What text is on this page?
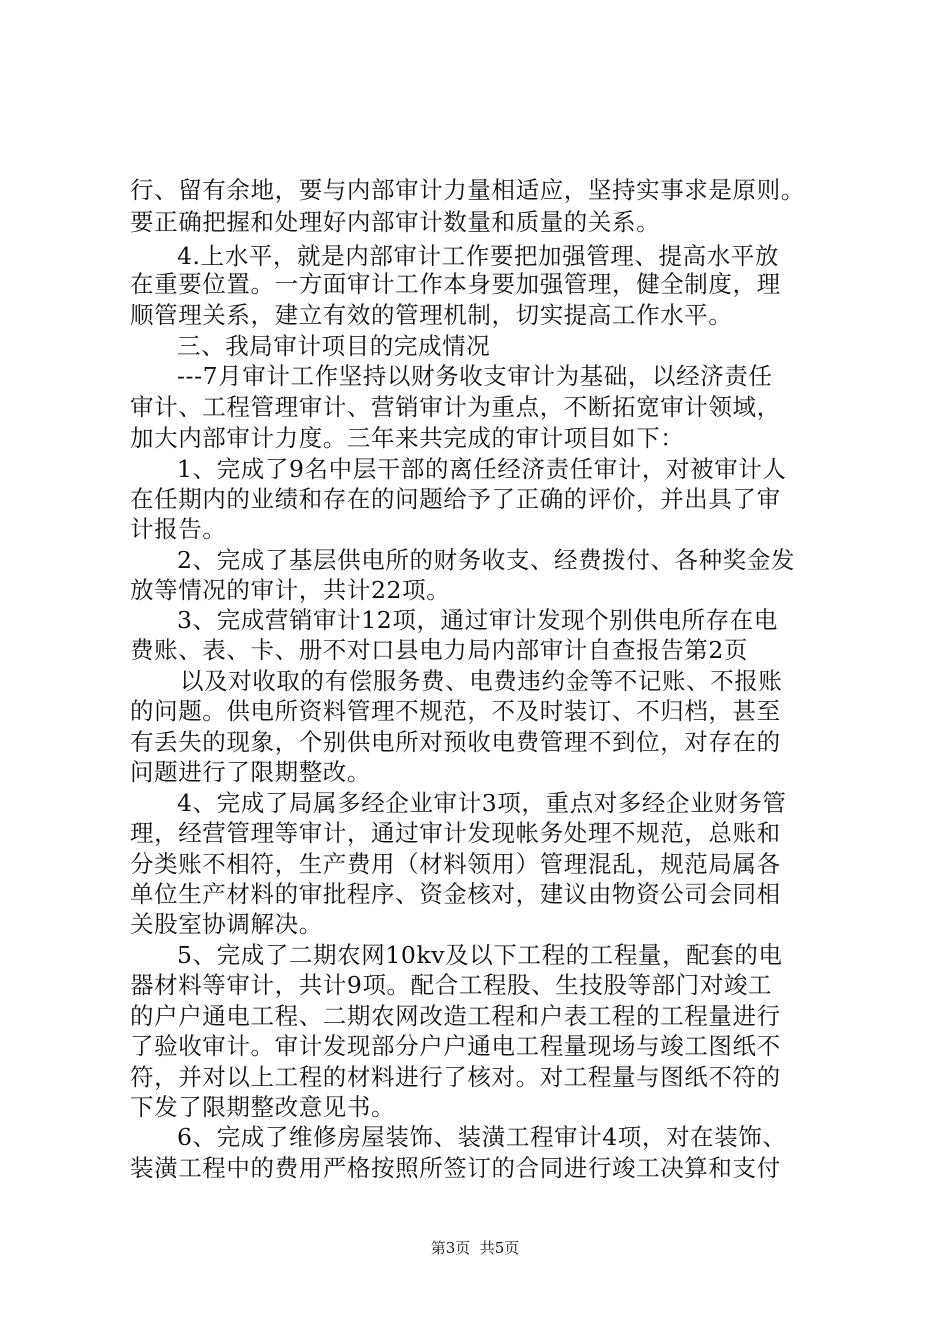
行、留有余地，要与内部审计力量相适应，坚持实事求是原则。
要正确把握和处理好内部审计数量和质量的关系。
4.上水平，就是内部审计工作要把加强管理、提高水平放
在重要位置。一方面审计工作本身要加强管理，健全制度，理
顺管理关系，建立有效的管理机制，切实提高工作水平。
三、我局审计项目的完成情况
---7月审计工作坚持以财务收支审计为基础，以经济责任
审计、工程管理审计、营销审计为重点，不断拓宽审计领域，
加大内部审计力度。三年来共完成的审计项目如下：
1、完成了9名中层干部的离任经济责任审计，对被审计人
在任期内的业绩和存在的问题给予了正确的评价，并出具了审
计报告。
2、完成了基层供电所的财务收支、经费拨付、各种奖金发
放等情况的审计，共计22项。
3、完成营销审计12项，通过审计发现个别供电所存在电
费账、表、卡、册不对口县电力局内部审计自查报告第2页
以及对收取的有偿服务费、电费违约金等不记账、不报账
的问题。供电所资料管理不规范，不及时装订、不归档，甚至
有丢失的现象，个别供电所对预收电费管理不到位，对存在的
问题进行了限期整改。
4、完成了局属多经企业审计3项，重点对多经企业财务管
理，经营管理等审计，通过审计发现帐务处理不规范，总账和
分类账不相符，生产费用（材料领用）管理混乱，规范局属各
单位生产材料的审批程序、资金核对，建议由物资公司会同相
关股室协调解决。
5、完成了二期农网10kv及以下工程的工程量，配套的电
器材料等审计，共计9项。配合工程股、生技股等部门对竣工
的户户通电工程、二期农网改造工程和户表工程的工程量进行
了验收审计。审计发现部分户户通电工程量现场与竣工图纸不
符，并对以上工程的材料进行了核对。对工程量与图纸不符的
下发了限期整改意见书。
6、完成了维修房屋装饰、装潢工程审计4项，对在装饰、
装潢工程中的费用严格按照所签订的合同进行竣工决算和支付
第3页  共5页
